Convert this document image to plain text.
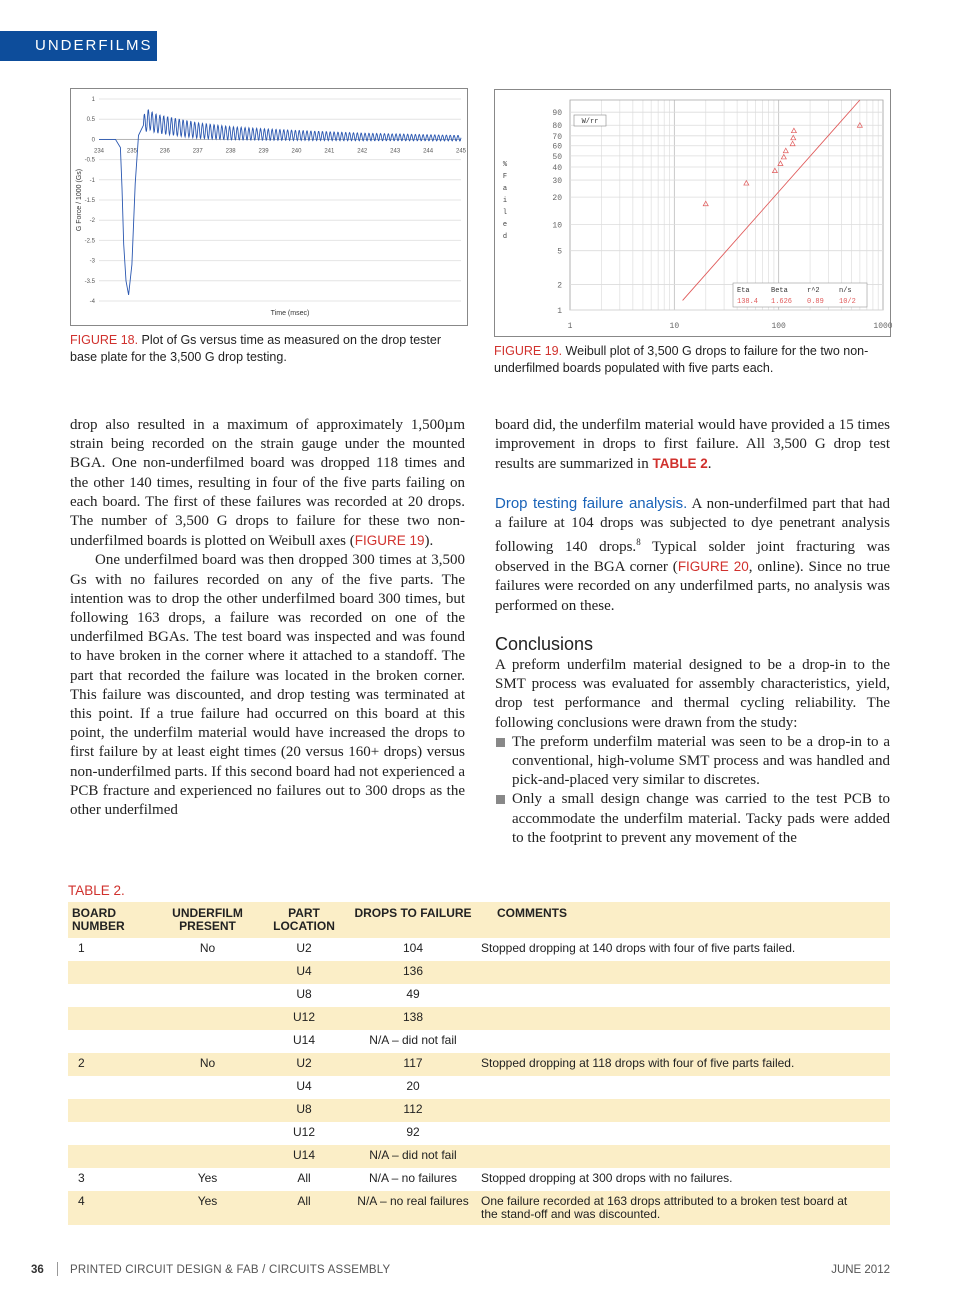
UNDERFILMS
1
0.5
0
-0.5
-1
-1.5
-2
-2.5
-3
-3.5
-4
234	235	236	237	238	239	240	241	242	243	244	245
Time (msec)
G Force / 1000 (Gs)
FIGURE 18. Plot of Gs versus time as measured on the drop tester base plate for the 3,500 G drop testing.
90
80
70
60
50
40
30
20
10
5
2
1
1	10	100	1000
%
F
a
i
l
e
d
W/rr
Eta	Beta	r^2	n/s
138.4 1.626 0.89 10/2
FIGURE 19. Weibull plot of 3,500 G drops to failure for the two non-underfilmed boards populated with five parts each.

drop also resulted in a maximum of approximately 1,500µm strain being recorded on the strain gauge under the mounted BGA. One non-underfilmed board was dropped 118 times and the other 140 times, resulting in four of the five parts failing on each board. The first of these failures was recorded at 20 drops. The number of 3,500 G drops to failure for these two non-underfilmed boards is plotted on Weibull axes (FIGURE 19).

One underfilmed board was then dropped 300 times at 3,500 Gs with no failures recorded on any of the five parts. The intention was to drop the other underfilmed board 300 times, but following 163 drops, a failure was recorded on one of the underfilmed BGAs. The test board was inspected and was found to have broken in the corner where it attached to a standoff. The part that recorded the failure was located in the broken corner. This failure was discounted, and drop testing was terminated at this point. If a true failure had occurred on this board at this point, the underfilm material would have increased the drops to first failure by at least eight times (20 versus 160+ drops) versus non-underfilmed parts. If this second board had not experienced a PCB fracture and experienced no failures out to 300 drops as the other underfilmed

board did, the underfilm material would have provided a 15 times improvement in drops to first failure. All 3,500 G drop test results are summarized in TABLE 2.

Drop testing failure analysis. A non-underfilmed part that had a failure at 104 drops was subjected to dye penetrant analysis following 140 drops.$^8$ Typical solder joint fracturing was observed in the BGA corner (FIGURE 20, online). Since no true failures were recorded on any underfilmed parts, no analysis was performed on these.

Conclusions

A preform underfilm material designed to be a drop-in to the SMT process was evaluated for assembly characteristics, yield, drop test performance and thermal cycling reliability. The following conclusions were drawn from the study:

The preform underfilm material was seen to be a drop-in to a conventional, high-volume SMT process and was handled and pick-and-placed very similar to discretes.

Only a small design change was carried to the test PCB to accommodate the underfilm material. Tacky pads were added to the footprint to prevent any movement of the

TABLE 2.
BOARD NUMBER	UNDERFILM PRESENT	PART LOCATION	DROPS TO FAILURE	COMMENTS
1	No	U2	104	Stopped dropping at 140 drops with four of five parts failed.
		U4	136	
		U8	49	
		U12	138	
		U14	N/A – did not fail	
2	No	U2	117	Stopped dropping at 118 drops with four of five parts failed.
		U4	20	
		U8	112	
		U12	92	
		U14	N/A – did not fail	
3	Yes	All	N/A – no failures	Stopped dropping at 300 drops with no failures.
4	Yes	All	N/A – no real failures	One failure recorded at 163 drops attributed to a broken test board at the stand-off and was discounted.
36 PRINTED CIRCUIT DESIGN & FAB / CIRCUITS ASSEMBLY	JUNE 2012
